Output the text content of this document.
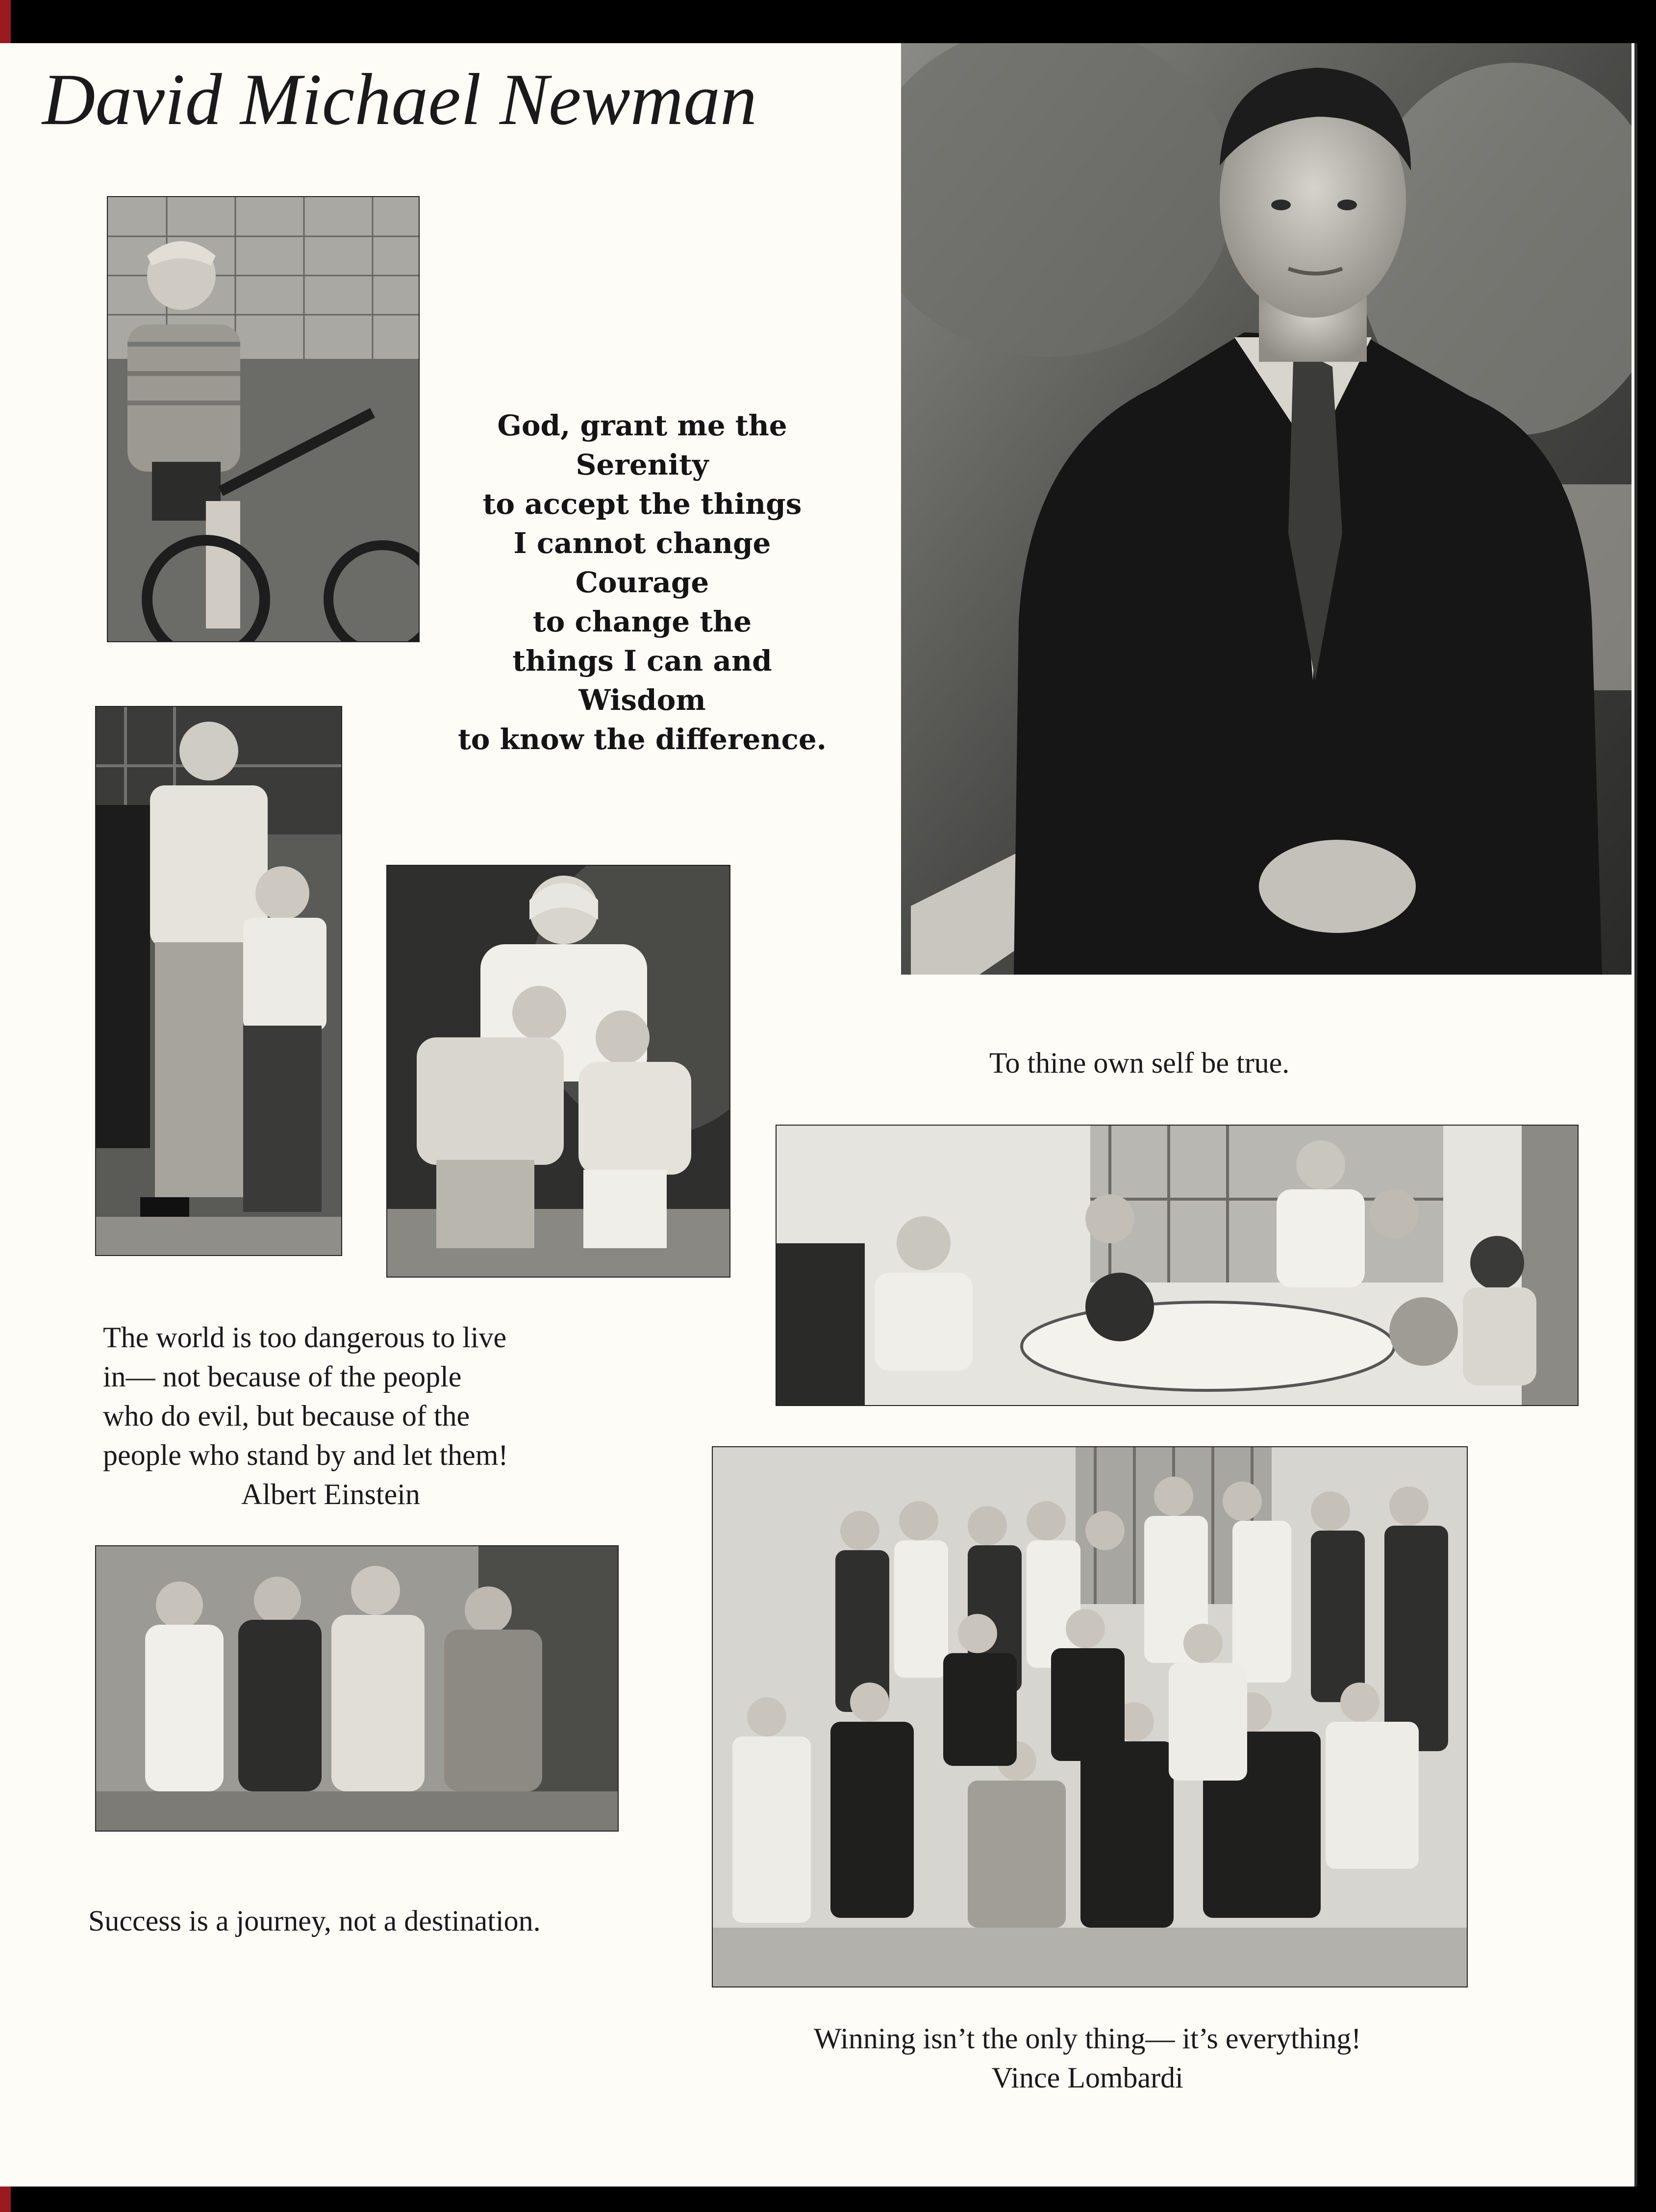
David Michael Newman
God, grant me the
Serenity
to accept the things
I cannot change
Courage
to change the
things I can and
Wisdom
to know the difference.

To thine own self be true.

The world is too dangerous to live
in— not because of the people
who do evil, but because of the
people who stand by and let them!
Albert Einstein

Success is a journey, not a destination.

Winning isn’t the only thing— it’s everything!
Vince Lombardi
